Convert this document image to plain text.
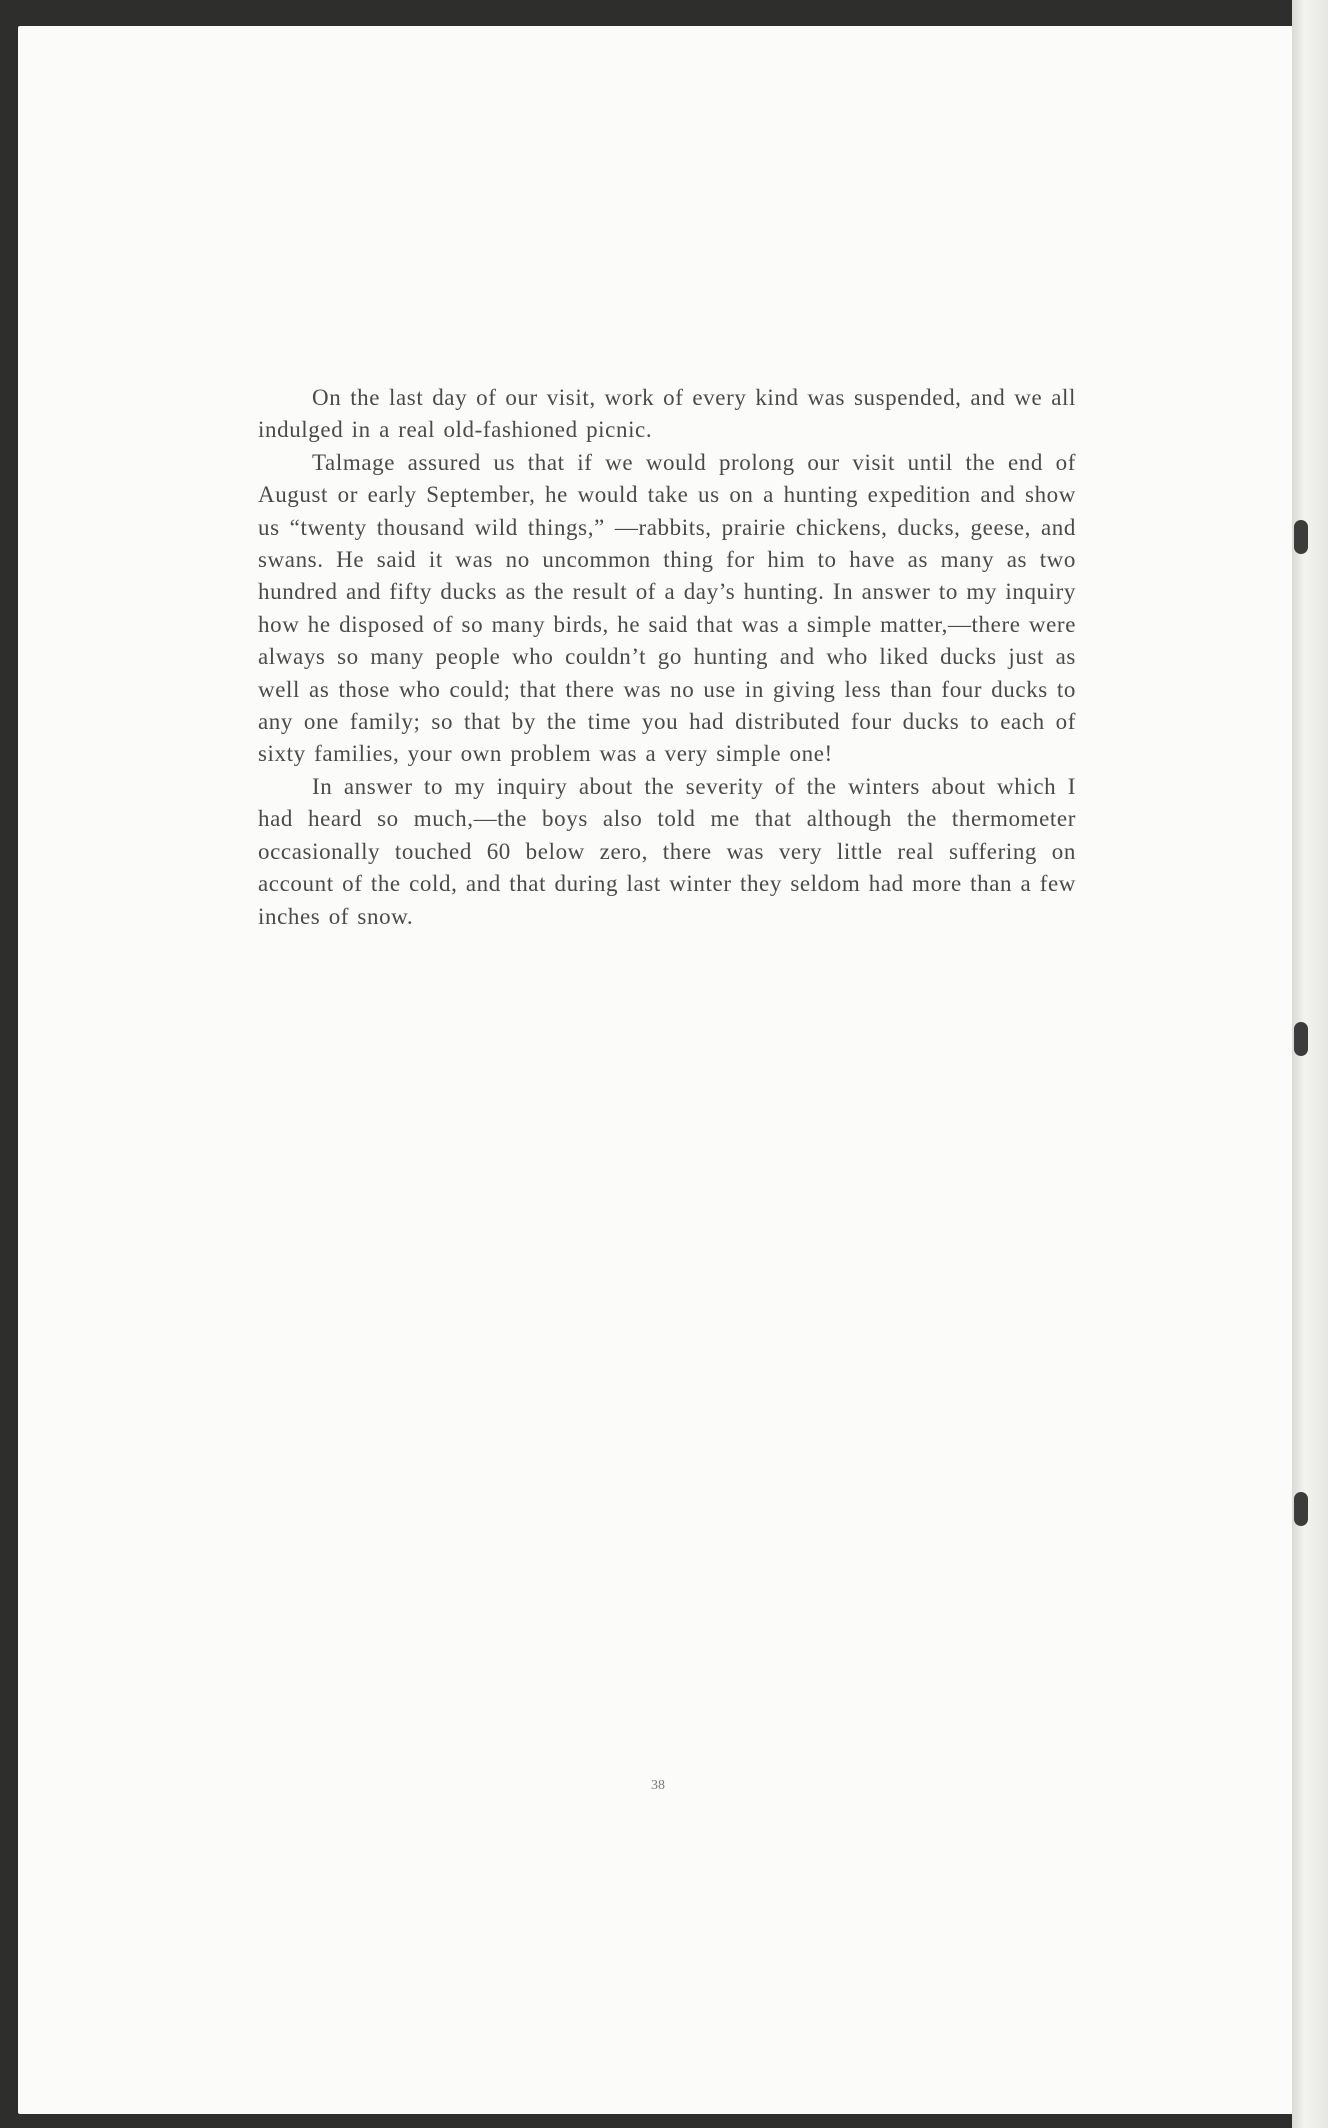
On the last day of our visit, work of every kind was suspended, and we all indulged in a real old-fashioned picnic.

Talmage assured us that if we would prolong our visit until the end of August or early September, he would take us on a hunting expedition and show us “twenty thousand wild things,” —rabbits, prairie chickens, ducks, geese, and swans. He said it was no uncommon thing for him to have as many as two hundred and fifty ducks as the result of a day’s hunting. In answer to my inquiry how he disposed of so many birds, he said that was a simple matter,—there were always so many people who couldn’t go hunting and who liked ducks just as well as those who could; that there was no use in giving less than four ducks to any one family; so that by the time you had distributed four ducks to each of sixty families, your own problem was a very simple one!

In answer to my inquiry about the severity of the winters about which I had heard so much,—the boys also told me that although the thermometer occasionally touched 60 below zero, there was very little real suffering on account of the cold, and that during last winter they seldom had more than a few inches of snow.

38
